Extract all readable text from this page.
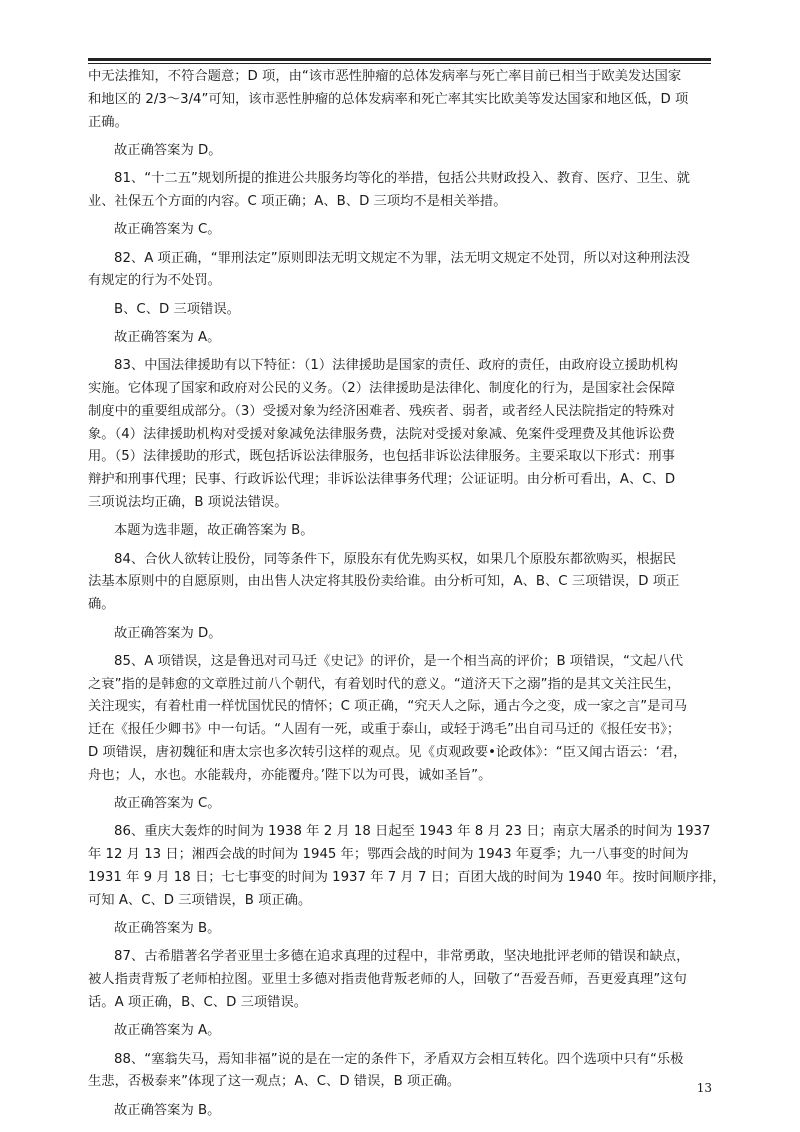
中无法推知，不符合题意；D 项，由“该市恶性肿瘤的总体发病率与死亡率目前已相当于欧美发达国家
和地区的 2/3～3/4”可知，该市恶性肿瘤的总体发病率和死亡率其实比欧美等发达国家和地区低，D 项
正确。
故正确答案为 D。
81、“十二五”规划所提的推进公共服务均等化的举措，包括公共财政投入、教育、医疗、卫生、就
业、社保五个方面的内容。C 项正确；A、B、D 三项均不是相关举措。
故正确答案为 C。
82、A 项正确，“罪刑法定”原则即法无明文规定不为罪，法无明文规定不处罚，所以对这种刑法没
有规定的行为不处罚。
B、C、D 三项错误。
故正确答案为 A。
83、中国法律援助有以下特征：（1）法律援助是国家的责任、政府的责任，由政府设立援助机构
实施。它体现了国家和政府对公民的义务。（2）法律援助是法律化、制度化的行为，是国家社会保障
制度中的重要组成部分。（3）受援对象为经济困难者、残疾者、弱者，或者经人民法院指定的特殊对
象。（4）法律援助机构对受援对象减免法律服务费，法院对受援对象减、免案件受理费及其他诉讼费
用。（5）法律援助的形式，既包括诉讼法律服务，也包括非诉讼法律服务。主要采取以下形式：刑事
辩护和刑事代理；民事、行政诉讼代理；非诉讼法律事务代理；公证证明。由分析可看出，A、C、D
三项说法均正确，B 项说法错误。
本题为选非题，故正确答案为 B。
84、合伙人欲转让股份，同等条件下，原股东有优先购买权，如果几个原股东都欲购买，根据民
法基本原则中的自愿原则，由出售人决定将其股份卖给谁。由分析可知，A、B、C 三项错误，D 项正
确。
故正确答案为 D。
85、A 项错误，这是鲁迅对司马迁《史记》的评价，是一个相当高的评价；B 项错误，“文起八代
之衰”指的是韩愈的文章胜过前八个朝代，有着划时代的意义。“道济天下之溺”指的是其文关注民生，
关注现实，有着杜甫一样忧国忧民的情怀；C 项正确，“究天人之际，通古今之变，成一家之言”是司马
迁在《报任少卿书》中一句话。“人固有一死，或重于泰山，或轻于鸿毛”出自司马迁的《报任安书》；
D 项错误，唐初魏征和唐太宗也多次转引这样的观点。见《贞观政要•论政体》：“臣又闻古语云：‘君，
舟也；人，水也。水能载舟，亦能覆舟。’陛下以为可畏，诚如圣旨”。
故正确答案为 C。
86、重庆大轰炸的时间为 1938 年 2 月 18 日起至 1943 年 8 月 23 日；南京大屠杀的时间为 1937
年 12 月 13 日；湘西会战的时间为 1945 年；鄂西会战的时间为 1943 年夏季；九一八事变的时间为
1931 年 9 月 18 日；七七事变的时间为 1937 年 7 月 7 日；百团大战的时间为 1940 年。按时间顺序排，
可知 A、C、D 三项错误，B 项正确。
故正确答案为 B。
87、古希腊著名学者亚里士多德在追求真理的过程中，非常勇敢，坚决地批评老师的错误和缺点，
被人指责背叛了老师柏拉图。亚里士多德对指责他背叛老师的人，回敬了“吾爱吾师，吾更爱真理”这句
话。A 项正确，B、C、D 三项错误。
故正确答案为 A。
88、“塞翁失马，焉知非福”说的是在一定的条件下，矛盾双方会相互转化。四个选项中只有“乐极
生悲，否极泰来”体现了这一观点；A、C、D 错误，B 项正确。
故正确答案为 B。
13
